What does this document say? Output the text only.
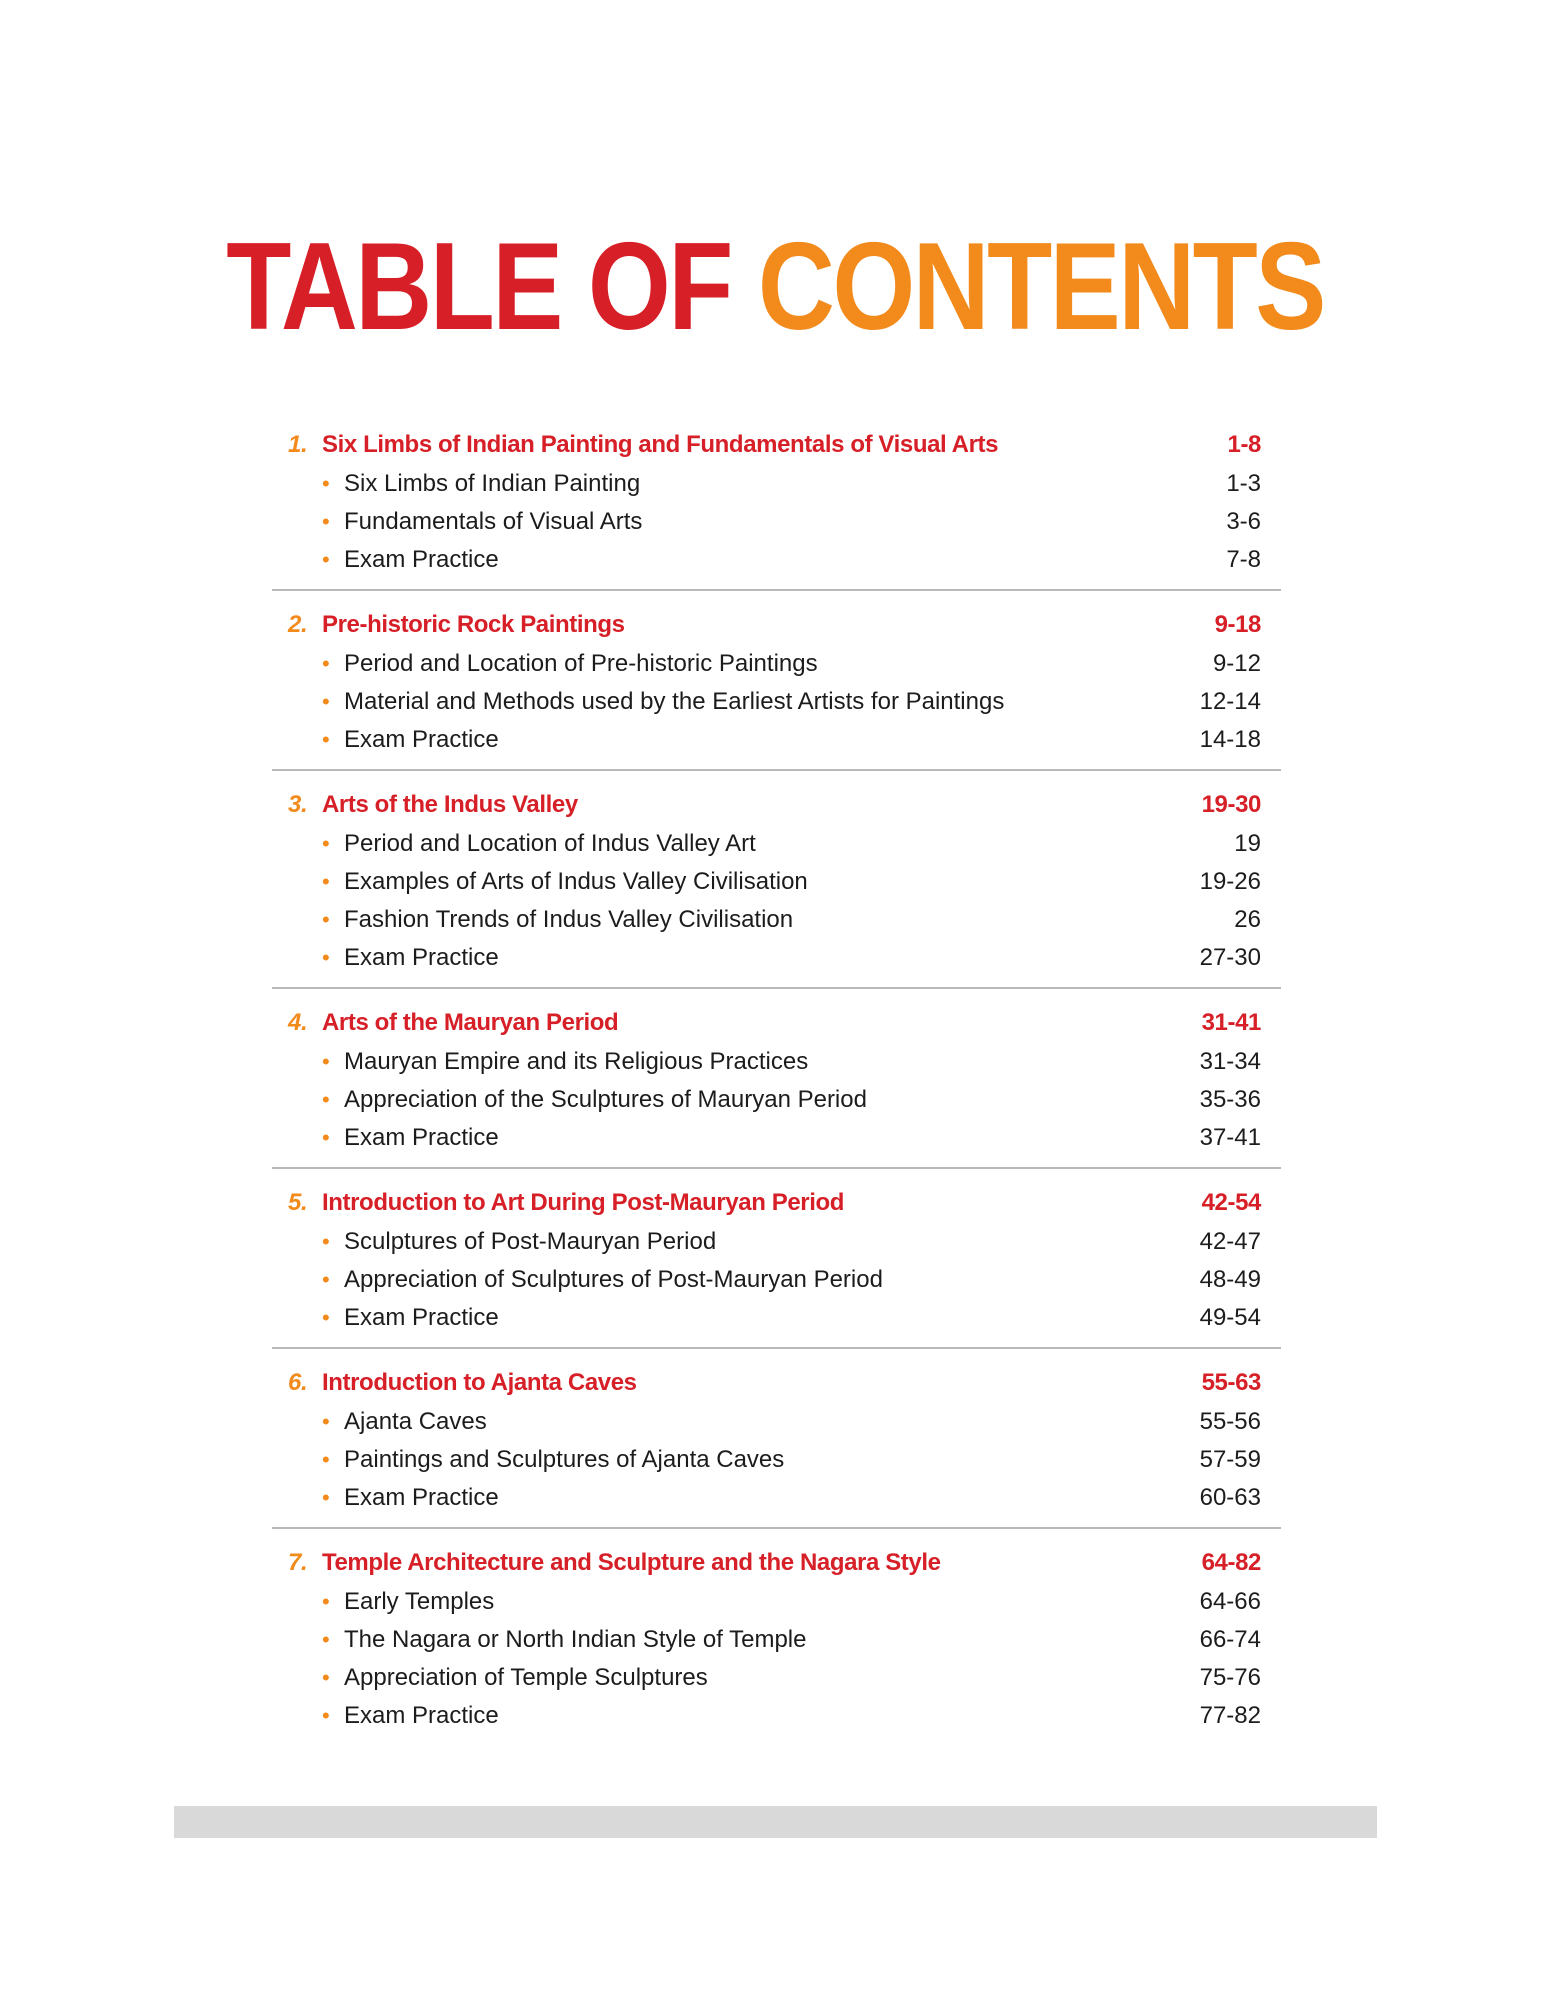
TABLE OF CONTENTS
1. Six Limbs of Indian Painting and Fundamentals of Visual Arts	1-8
• Six Limbs of Indian Painting	1-3
• Fundamentals of Visual Arts	3-6
• Exam Practice	7-8
2. Pre-historic Rock Paintings	9-18
• Period and Location of Pre-historic Paintings	9-12
• Material and Methods used by the Earliest Artists for Paintings	12-14
• Exam Practice	14-18
3. Arts of the Indus Valley	19-30
• Period and Location of Indus Valley Art	19
• Examples of Arts of Indus Valley Civilisation	19-26
• Fashion Trends of Indus Valley Civilisation	26
• Exam Practice	27-30
4. Arts of the Mauryan Period	31-41
• Mauryan Empire and its Religious Practices	31-34
• Appreciation of the Sculptures of Mauryan Period	35-36
• Exam Practice	37-41
5. Introduction to Art During Post-Mauryan Period	42-54
• Sculptures of Post-Mauryan Period	42-47
• Appreciation of Sculptures of Post-Mauryan Period	48-49
• Exam Practice	49-54
6. Introduction to Ajanta Caves	55-63
• Ajanta Caves	55-56
• Paintings and Sculptures of Ajanta Caves	57-59
• Exam Practice	60-63
7. Temple Architecture and Sculpture and the Nagara Style	64-82
• Early Temples	64-66
• The Nagara or North Indian Style of Temple	66-74
• Appreciation of Temple Sculptures	75-76
• Exam Practice	77-82
